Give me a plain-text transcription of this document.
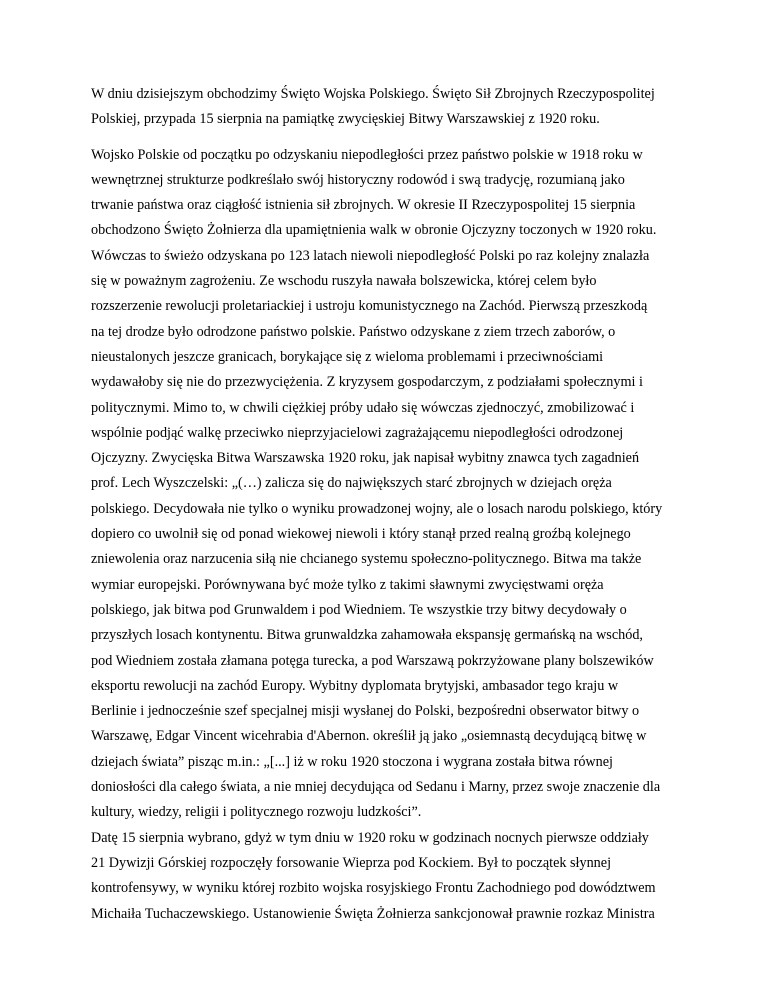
W dniu dzisiejszym obchodzimy Święto Wojska Polskiego. Święto Sił Zbrojnych Rzeczypospolitej
Polskiej, przypada 15 sierpnia na pamiątkę zwycięskiej Bitwy Warszawskiej z 1920 roku.

Wojsko Polskie od początku po odzyskaniu niepodległości przez państwo polskie w 1918 roku w
wewnętrznej strukturze podkreślało swój historyczny rodowód i swą tradycję, rozumianą jako
trwanie państwa oraz ciągłość istnienia sił zbrojnych. W okresie II Rzeczypospolitej 15 sierpnia
obchodzono Święto Żołnierza dla upamiętnienia walk w obronie Ojczyzny toczonych w 1920 roku.
Wówczas to świeżo odzyskana po 123 latach niewoli niepodległość Polski po raz kolejny znalazła
się w poważnym zagrożeniu. Ze wschodu ruszyła nawała bolszewicka, której celem było
rozszerzenie rewolucji proletariackiej i ustroju komunistycznego na Zachód. Pierwszą przeszkodą
na tej drodze było odrodzone państwo polskie. Państwo odzyskane z ziem trzech zaborów, o
nieustalonych jeszcze granicach, borykające się z wieloma problemami i przeciwnościami
wydawałoby się nie do przezwyciężenia. Z kryzysem gospodarczym, z podziałami społecznymi i
politycznymi. Mimo to, w chwili ciężkiej próby udało się wówczas zjednoczyć, zmobilizować i
wspólnie podjąć walkę przeciwko nieprzyjacielowi zagrażającemu niepodległości odrodzonej
Ojczyzny. Zwycięska Bitwa Warszawska 1920 roku, jak napisał wybitny znawca tych zagadnień
prof. Lech Wyszczelski: „(…) zalicza się do największych starć zbrojnych w dziejach oręża
polskiego. Decydowała nie tylko o wyniku prowadzonej wojny, ale o losach narodu polskiego, który
dopiero co uwolnił się od ponad wiekowej niewoli i który stanął przed realną groźbą kolejnego
zniewolenia oraz narzucenia siłą nie chcianego systemu społeczno-politycznego. Bitwa ma także
wymiar europejski. Porównywana być może tylko z takimi sławnymi zwycięstwami oręża
polskiego, jak bitwa pod Grunwaldem i pod Wiedniem. Te wszystkie trzy bitwy decydowały o
przyszłych losach kontynentu. Bitwa grunwaldzka zahamowała ekspansję germańską na wschód,
pod Wiedniem została złamana potęga turecka, a pod Warszawą pokrzyżowane plany bolszewików
eksportu rewolucji na zachód Europy. Wybitny dyplomata brytyjski, ambasador tego kraju w
Berlinie i jednocześnie szef specjalnej misji wysłanej do Polski, bezpośredni obserwator bitwy o
Warszawę, Edgar Vincent wicehrabia d'Abernon. określił ją jako „osiemnastą decydującą bitwę w
dziejach świata” pisząc m.in.: „[...] iż w roku 1920 stoczona i wygrana została bitwa równej
doniosłości dla całego świata, a nie mniej decydująca od Sedanu i Marny, przez swoje znaczenie dla
kultury, wiedzy, religii i politycznego rozwoju ludzkości”.

Datę 15 sierpnia wybrano, gdyż w tym dniu w 1920 roku w godzinach nocnych pierwsze oddziały
21 Dywizji Górskiej rozpoczęły forsowanie Wieprza pod Kockiem. Był to początek słynnej
kontrofensywy, w wyniku której rozbito wojska rosyjskiego Frontu Zachodniego pod dowództwem
Michaiła Tuchaczewskiego. Ustanowienie Święta Żołnierza sankcjonował prawnie rozkaz Ministra
